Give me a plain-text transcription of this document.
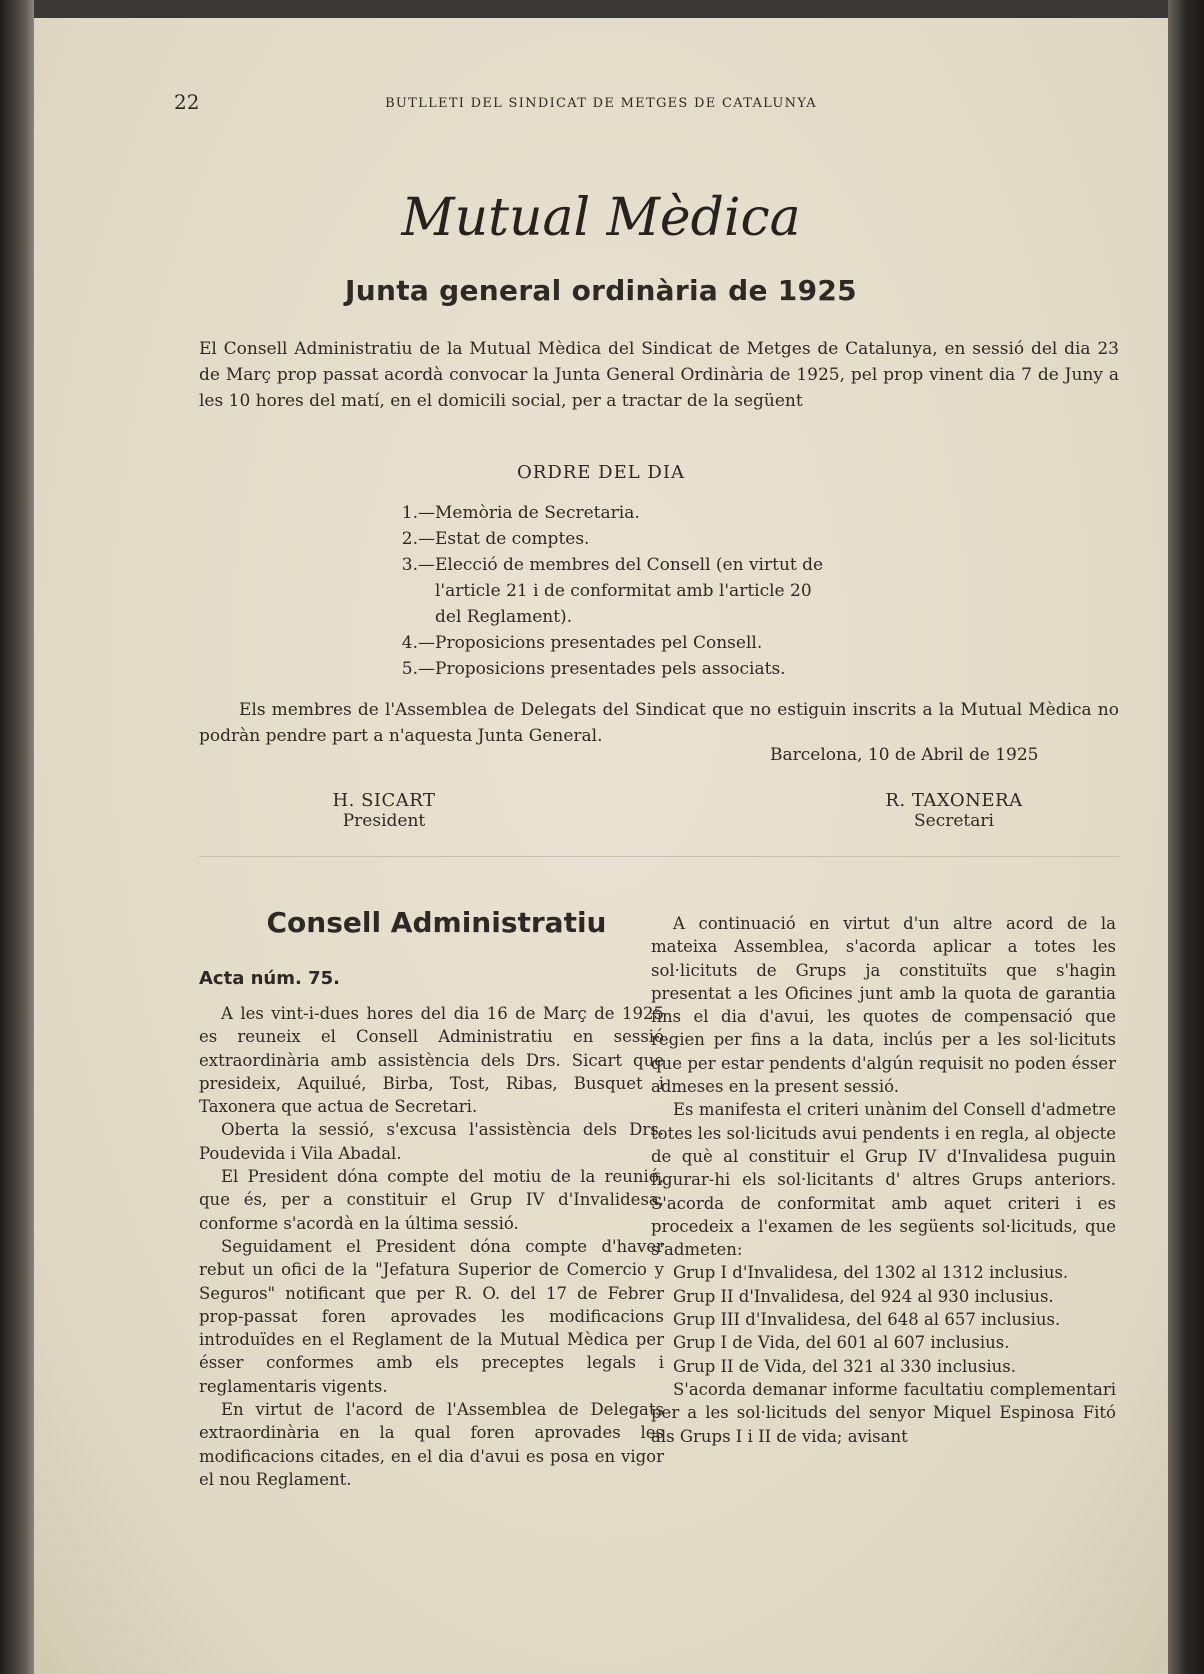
22	BUTLLETI DEL SINDICAT DE METGES DE CATALUNYA
Mutual Mèdica
Junta general ordinària de 1925
El Consell Administratiu de la Mutual Mèdica del Sindicat de Metges de Catalunya, en sessió del dia 23 de Març prop passat acordà convocar la Junta General Ordinària de 1925, pel prop vinent dia 7 de Juny a les 10 hores del matí, en el domicili social, per a tractar de la següent
ORDRE DEL DIA
1.—Memòria de Secretaria.
2.—Estat de comptes.
3.—Elecció de membres del Consell (en virtut de
l'article 21 i de conformitat amb l'article 20
del Reglament).
4.—Proposicions presentades pel Consell.
5.—Proposicions presentades pels associats.
Els membres de l'Assemblea de Delegats del Sindicat que no estiguin inscrits a la Mutual Mèdica no podràn pendre part a n'aquesta Junta General.
Barcelona, 10 de Abril de 1925
H. SICART
President
R. TAXONERA
Secretari
Consell Administratiu
Acta núm. 75.

A les vint-i-dues hores del dia 16 de Març de 1925 es reuneix el Consell Administratiu en sessió extraordinària amb assistència dels Drs. Sicart que presideix, Aquilué, Birba, Tost, Ribas, Busquet i Taxonera que actua de Secretari.

Oberta la sessió, s'excusa l'assistència dels Drs. Poudevida i Vila Abadal.

El President dóna compte del motiu de la reunió, que és, per a constituir el Grup IV d'Invalidesa, conforme s'acordà en la última sessió.

Seguidament el President dóna compte d'haver rebut un ofici de la "Jefatura Superior de Comercio y Seguros" notificant que per R. O. del 17 de Febrer prop-passat foren aprovades les modificacions introduïdes en el Reglament de la Mutual Mèdica per ésser conformes amb els preceptes legals i reglamentaris vigents.

En virtut de l'acord de l'Assemblea de Delegats extraordinària en la qual foren aprovades les modificacions citades, en el dia d'avui es posa en vigor el nou Reglament.

A continuació en virtut d'un altre acord de la mateixa Assemblea, s'acorda aplicar a totes les sol·licituts de Grups ja constituïts que s'hagin presentat a les Oficines junt amb la quota de garantia fins el dia d'avui, les quotes de compensació que regien per fins a la data, inclús per a les sol·licituts que per estar pendents d'algún requisit no poden ésser admeses en la present sessió.

Es manifesta el criteri unànim del Consell d'admetre totes les sol·licituds avui pendents i en regla, al objecte de què al constituir el Grup IV d'Invalidesa puguin figurar-hi els sol·licitants d' altres Grups anteriors. S'acorda de conformitat amb aquet criteri i es procedeix a l'examen de les següents sol·licituds, que s'admeten:

Grup I d'Invalidesa, del 1302 al 1312 inclusius.

Grup II d'Invalidesa, del 924 al 930 inclusius.

Grup III d'Invalidesa, del 648 al 657 inclusius.

Grup I de Vida, del 601 al 607 inclusius.

Grup II de Vida, del 321 al 330 inclusius.

S'acorda demanar informe facultatiu complementari per a les sol·licituds del senyor Miquel Espinosa Fitó als Grups I i II de vida; avisant
